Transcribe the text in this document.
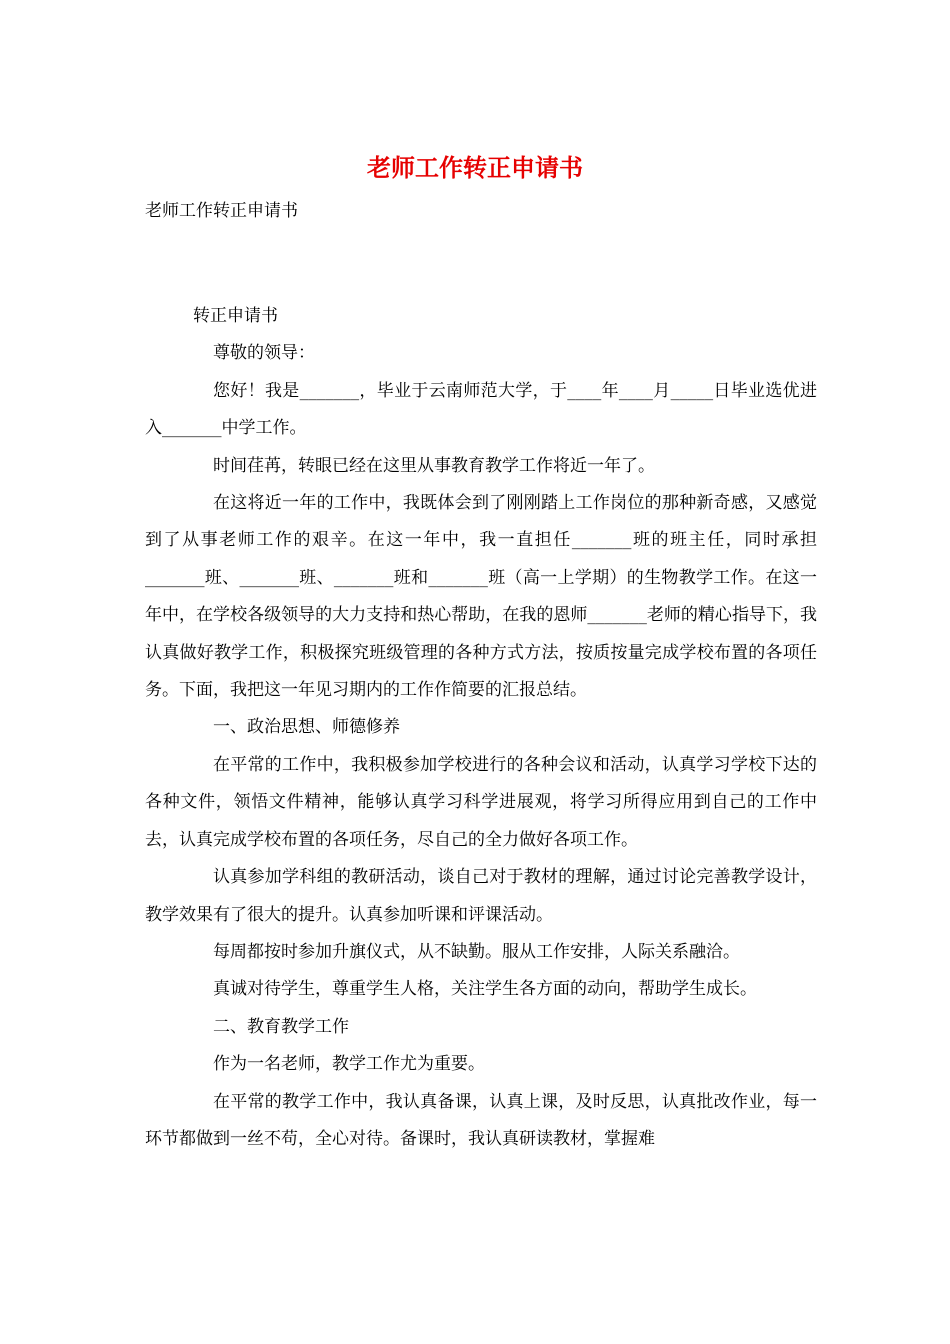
老师工作转正申请书
老师工作转正申请书

转正申请书

尊敬的领导：

您好！我是_______，毕业于云南师范大学，于____年____月_____日毕业选优进入_______中学工作。

时间荏苒，转眼已经在这里从事教育教学工作将近一年了。

在这将近一年的工作中，我既体会到了刚刚踏上工作岗位的那种新奇感，又感觉到了从事老师工作的艰辛。在这一年中，我一直担任_______班的班主任，同时承担_______班、_______班、_______班和_______班（高一上学期）的生物教学工作。在这一年中，在学校各级领导的大力支持和热心帮助，在我的恩师_______老师的精心指导下，我认真做好教学工作，积极探究班级管理的各种方式方法，按质按量完成学校布置的各项任务。下面，我把这一年见习期内的工作作简要的汇报总结。

一、政治思想、师德修养

在平常的工作中，我积极参加学校进行的各种会议和活动，认真学习学校下达的各种文件，领悟文件精神，能够认真学习科学进展观，将学习所得应用到自己的工作中去，认真完成学校布置的各项任务，尽自己的全力做好各项工作。

认真参加学科组的教研活动，谈自己对于教材的理解，通过讨论完善教学设计，教学效果有了很大的提升。认真参加听课和评课活动。

每周都按时参加升旗仪式，从不缺勤。服从工作安排，人际关系融洽。

真诚对待学生，尊重学生人格，关注学生各方面的动向，帮助学生成长。

二、教育教学工作

作为一名老师，教学工作尤为重要。

在平常的教学工作中，我认真备课，认真上课，及时反思，认真批改作业，每一环节都做到一丝不苟，全心对待。备课时，我认真研读教材，掌握难
